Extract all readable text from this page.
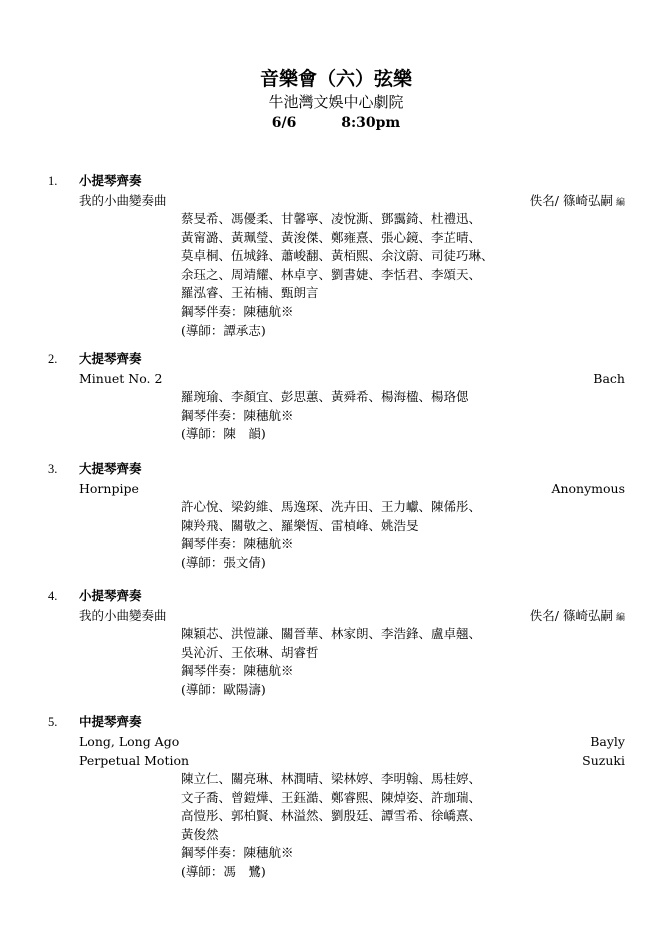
音樂會（六）弦樂
牛池灣文娛中心劇院
6/6	8:30pm
1. 小提琴齊奏
我的小曲變奏曲	佚名/ 篠崎弘嗣 編
蔡旻希、馮優柔、甘馨寧、凌悅澌、鄧靄錡、杜禮迅、
黃甯潞、黃珮瑩、黃浚傑、鄭雍熹、張心鏡、李芷晴、
莫卓桐、伍城鋒、蕭峻翻、黃栢熙、余汶蔚、司徒巧琳、
余珏之、周靖耀、林卓亨、劉書婕、李恬君、李頌天、
羅泓睿、王祐楠、甄朗言
鋼琴伴奏：陳穗航※
(導師：譚承志)
2. 大提琴齊奏
Minuet No. 2	Bach
羅琬瑜、李顏宜、彭思蕙、黃舜希、楊海楹、楊珞偲
鋼琴伴奏：陳穗航※
(導師：陳　韻)
3. 大提琴齊奏
Hornpipe	Anonymous
許心悅、梁鈞維、馬逸琛、冼卉田、王力巘、陳俙彤、
陳羚飛、關敬之、羅樂恆、雷楨峰、姚浩旻
鋼琴伴奏：陳穗航※
(導師：張文倩)
4. 小提琴齊奏
我的小曲變奏曲	佚名/ 篠崎弘嗣 編
陳穎芯、洪愷謙、關晉華、林家朗、李浩鋒、盧卓翹、
吳沁沂、王依琳、胡睿哲
鋼琴伴奏：陳穗航※
(導師：歐陽濤)
5. 中提琴齊奏
Long, Long Ago	Bayly
Perpetual Motion	Suzuki
陳立仁、關亮琳、林潤晴、梁林婷、李明翰、馬桂婷、
文子喬、曾鎧燁、王鈺澔、鄭睿熙、陳焯姿、許珈瑞、
高愷彤、郭柏賢、林溢然、劉殷廷、譚雪希、徐嶠熹、
黃俊然
鋼琴伴奏：陳穗航※
(導師：馮　鷺)
